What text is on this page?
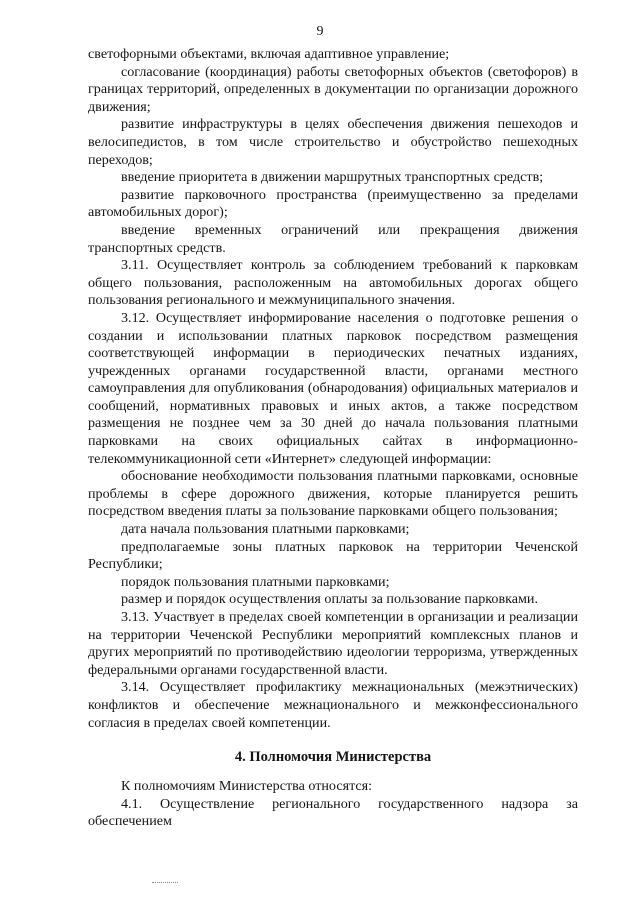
9

светофорными объектами, включая адаптивное управление;

согласование (координация) работы светофорных объектов (светофоров) в границах территорий, определенных в документации по организации дорожного движения;

развитие инфраструктуры в целях обеспечения движения пешеходов и велосипедистов, в том числе строительство и обустройство пешеходных переходов;

введение приоритета в движении маршрутных транспортных средств;

развитие парковочного пространства (преимущественно за пределами автомобильных дорог);

введение временных ограничений или прекращения движения транспортных средств.

3.11. Осуществляет контроль за соблюдением требований к парковкам общего пользования, расположенным на автомобильных дорогах общего пользования регионального и межмуниципального значения.

3.12. Осуществляет информирование населения о подготовке решения о создании и использовании платных парковок посредством размещения соответствующей информации в периодических печатных изданиях, учрежденных органами государственной власти, органами местного самоуправления для опубликования (обнародования) официальных материалов и сообщений, нормативных правовых и иных актов, а также посредством размещения не позднее чем за 30 дней до начала пользования платными парковками на своих официальных сайтах в информационно-телекоммуникационной сети «Интернет» следующей информации:

обоснование необходимости пользования платными парковками, основные проблемы в сфере дорожного движения, которые планируется решить посредством введения платы за пользование парковками общего пользования;

дата начала пользования платными парковками;

предполагаемые зоны платных парковок на территории Чеченской Республики;

порядок пользования платными парковками;

размер и порядок осуществления оплаты за пользование парковками.

3.13. Участвует в пределах своей компетенции в организации и реализации на территории Чеченской Республики мероприятий комплексных планов и других мероприятий по противодействию идеологии терроризма, утвержденных федеральными органами государственной власти.

3.14. Осуществляет профилактику межнациональных (межэтнических) конфликтов и обеспечение межнационального и межконфессионального согласия в пределах своей компетенции.

4. Полномочия Министерства

К полномочиям Министерства относятся:

4.1. Осуществление регионального государственного надзора за обеспечением
